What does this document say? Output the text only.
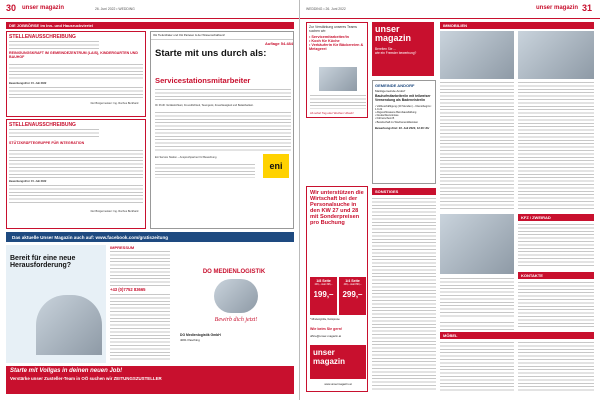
30 unser magazin	26. Juni 2022 • WEDDING
DIE JOBBÖRSE im Inn- und Hausruckviertel
STELLENAUSSCHREIBUNG
REINIGUNGSKRAFT IM GEMEINDEZENTRUM (LAIS), KINDERGARTEN UND BAUHOF
Bewerbungsfrist: 15. Juli 2022
Der Bürgermeister: Ing. Rochus Burkhard
STELLENAUSSCHREIBUNG
STÜTZKRÄFTEGRUPPE FÜR INTEGRATION
Bewerbungsfrist: 15. Juli 2022
Der Bürgermeister: Ing. Rochus Burkhard
OH Tiefenthaler und OH Parteien & der Wissenschaftsuni!
Auflage 54.484
Starte mit uns durch als:
Servicestationsmitarbeiter
Ihr Profil: Verlässlichkeit, Freundlichkeit, Teamgeist, Zuverlässigkeit und Belastbarkeit.
Eni Service Station – Ansprechpartner für Bewerbung
eni
Das aktuelle Unser Magazin auch auf: www.facebook.com/gratiszeitung
Bereit für eine neue Herausforderung?
IMPRESSUM
+43 (0)7752 83665
DO MEDIENLOGISTIK
Bewirb dich jetzt!
DO Medienlogistik GmbH
4061 Pasching
Starte mit Vollgas in deinen neuen Job!
Verstärke unser Zusteller-Team in OÖ suchen wir ZEITUNGSZUSTELLER
WEDDING • 26. Juni 2022	unser magazin 31
Zur Verstärkung unseres Teams suchen wir:
• Servicemitarbeiter/in
• Koch für Küche
• Verkäuferin für Bäckereien & Metzgerei
Ab sofort Tag oder Wochen Urlaub!
unser magazin
Bereiten Sie ...
wie ein Fremder bewerbung?
IMMOBILIEN
GEMEINDE ANDORF
Marktgemeinde Andorf
Bauhofmitarbeiter/in mit teilweiser Verwendung als Badeneister/in
• Vollbeschäftigung (40 Stunden) – Dienstbeginn: 1.9.22
• Abgeschlossene Berufsausbildung
• Deutschkenntnisse
• Führerschein B
• Bereitschaft zu Wochenenddiensten
Bewerbungsfrist: 22. Juli 2022, 12.00 Uhr
Wir unterstützen die Wirtschaft bei der Personalsuche in den KW 27 und 28 mit Sonderpreisen pro Buchung
1/8 Seite
249,– statt 496,–
199,–
1/4 Seite
449,– statt 890,–
299,–
* Mindestgröße, Nettopreise
Wie beim Sie gern!
office@unser-magazin.at
unser magazin
www.unsermagazin.at
SONSTIGES
KFZ / ZWEIRAD
KONTAKTE
MÖBEL
